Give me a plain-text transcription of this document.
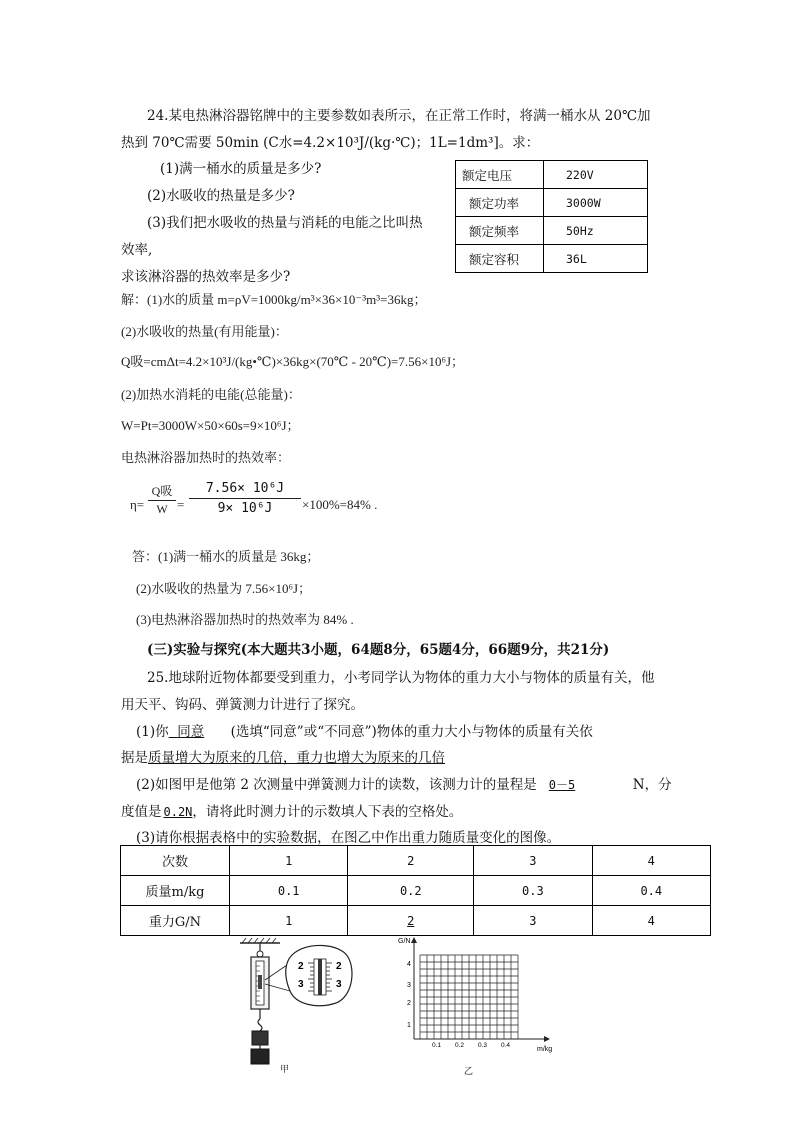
24.某电热淋浴器铭牌中的主要参数如表所示，在正常工作时，将满一桶水从 20℃加
热到 70℃需要 50min (C水=4.2×10³J/(kg·℃)；1L=1dm³]。求：
(1)满一桶水的质量是多少?
(2)水吸收的热量是多少?
(3)我们把水吸收的热量与消耗的电能之比叫热
效率,
求该淋浴器的热效率是多少?
额定电压	220V
额定功率	3000W
额定频率	50Hz
额定容积	36L
解：(1)水的质量 m=ρV=1000kg/m³×36×10⁻³m³=36kg；
(2)水吸收的热量(有用能量)：
Q吸=cmΔt=4.2×10³J/(kg•℃)×36kg×(70℃ - 20℃)=7.56×10⁶J；
(2)加热水消耗的电能(总能量)：
W=Pt=3000W×50×60s=9×10⁶J；
电热淋浴器加热时的热效率：
η=
Q吸
$W = \frac{\text{7.56× 10⁶J}}{\text{9× 10⁶J}} \times 100\%=84\%$ .
答：(1)满一桶水的质量是 36kg；
(2)水吸收的热量为 7.56×10⁶J；
(3)电热淋浴器加热时的热效率为 84% .
(三)实验与探究(本大题共3小题，64题8分，65题4分，66题9分，共21分)
25.地球附近物体都要受到重力，小考同学认为物体的重力大小与物体的质量有关，他
用天平、钩码、弹簧测力计进行了探究。
(1)你 同意 (选填“同意”或“不同意”)物体的重力大小与物体的质量有关依
据是质量增大为原来的几倍，重力也增大为原来的几倍
(2)如图甲是他第 2 次测量中弹簧测力计的读数，该测力计的量程是 0－5	N，分
度值是 0.2N，请将此时测力计的示数填人下表的空格处。
(3)请你根据表格中的实验数据，在图乙中作出重力随质量变化的图像。
次数	1	2	3	4
质量m/kg	0.1	0.2	0.3	0.4
重力G/N	1	2	3	4
2
3
2
3
甲
G/N
m/kg
1
2
3
4
0.1 0.2 0.3 0.4
乙
